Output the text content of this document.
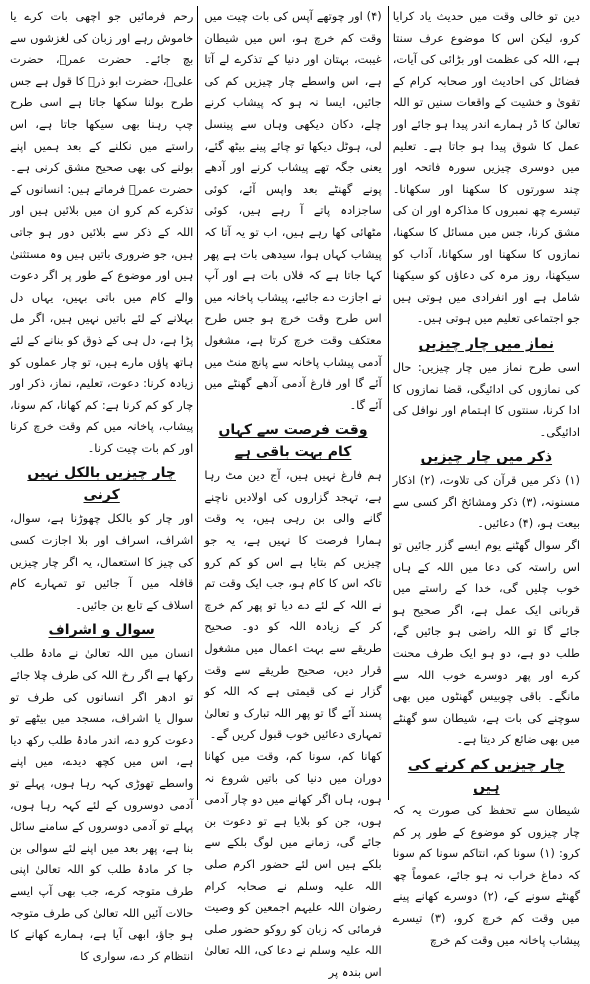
دین تو خالی وقت میں حدیث یاد کرایا کرو، لیکن اس کا موضوع عرف سنتا ہے، اللہ کی عظمت اور بڑائی کی آیات، فضائل کی احادیث اور صحابہ کرام کے تقویٰ و خشیت کے واقعات سنیں تو اللہ تعالیٰ کا ڈر ہمارے اندر پیدا ہو جائے اور عمل کا شوق پیدا ہو جاتا ہے۔ تعلیم میں دوسری چیزیں سورہ فاتحہ اور چند سورتوں کا سکھنا اور سکھانا۔ تیسرے چھ نمبروں کا مذاکرہ اور ان کی مشق کرنا، جس میں مسائل کا سکھنا، نمازوں کا سکھنا اور سکھانا، آداب کو سیکھنا، روز مرہ کی دعاؤں کو سیکھنا شامل ہے اور انفرادی میں ہوتی ہیں جو اجتماعی تعلیم میں ہوتی ہیں۔

نماز میں چار چیزیں

اسی طرح نماز میں چار چیزیں: حال کی نمازوں کی ادائیگی، قضا نمازوں کا ادا کرنا، سنتوں کا اہتمام اور نوافل کی ادائیگی۔

ذکر میں چار چیزیں

(۱) ذکر میں قرآن کی تلاوت، (۲) اذکار مسنونہ، (۳) ذکر ومشائخ اگر کسی سے بیعت ہو، (۴) دعائیں۔

اگر سوال گھٹنے یوم ایسے گزر جائیں تو اس راستہ کی دعا میں اللہ کے ہاں خوب چلیں گی، خدا کے راستے میں قربانی ایک عمل ہے، اگر صحیح ہو جائے گا تو اللہ راضی ہو جائیں گے، طلب دو ہے، دو ہو ایک طرف محنت کرے اور پھر دوسرے خوب اللہ سے مانگے۔ باقی چوبیس گھنٹوں میں بھی سوچنے کی بات ہے، شیطان سو گھنٹے میں بھی ضائع کر دیتا ہے۔

چار چیزیں کم کرنے کی ہیں

شیطان سے تحفظ کی صورت یہ کہ چار چیزوں کو موضوع کے طور پر کم کرو: (۱) سونا کم، انتاکم سونا کم سونا کہ دماغ خراب نہ ہو جائے، عموماً چھ گھنٹے سونے کے، (۲) دوسرے کھانے پینے میں وقت کم خرچ کرو، (۳) تیسرے پیشاب پاخانہ میں وقت کم خرچ

(۴) اور چوتھے آپس کی بات چیت میں وقت کم خرچ ہو، اس میں شیطان غیبت، بہتان اور دنیا کے تذکرے لے آتا ہے، اس واسطے چار چیزیں کم کی جائیں، ایسا نہ ہو کہ پیشاب کرنے چلے، دکان دیکھی وہاں سے پینسل لی، ہوٹل دیکھا تو چائے پینے بیٹھ گئے، یعنی جگہ تھے پیشاب کرنے اور آدھے پونے گھنٹے بعد واپس آئے، کوئی ساجزادہ پاتے آ رہے ہیں، کوئی مٹھائی کھا رہے ہیں، اب تو یہ آتا کہ پیشاب کہاں ہوا، سیدھی بات ہے پھر کہا جاتا ہے کہ فلاں بات ہے اور آپ نے اجازت دے جائیے، پیشاب پاخانہ میں اس طرح وقت خرچ ہو جس طرح معتکف وقت خرچ کرتا ہے، مشغول آدمی پیشاب پاخانہ سے پانچ منٹ میں آئے گا اور فارغ آدمی آدھے گھنٹے میں آئے گا۔

وقت فرصت سے کہاں کام بہت باقی ہے

ہم فارغ نہیں ہیں، آج دین مٹ رہا ہے، تہجد گزاروں کی اولادیں ناچنے گانے والی بن رہی ہیں، یہ وقت ہمارا فرصت کا نہیں ہے، یہ جو چیزیں کم بتایا ہے اس کو کم کرو تاکہ اس کا کام ہو، جب ایک وقت تم نے اللہ کے لئے دے دیا تو پھر کم خرچ کر کے زیادہ اللہ کو دو۔ صحیح طریقے سے بہت اعمال میں مشغول قرار دیں، صحیح طریقے سے وقت گزار نے کی قیمتی ہے کہ اللہ کو پسند آئے گا تو پھر اللہ تبارک و تعالیٰ تمہاری دعائیں خوب قبول کریں گے۔

کھانا کم، سونا کم، وقت میں کھانا دوران میں دنیا کی باتیں شروع نہ ہوں، ہاں اگر کھانے میں دو چار آدمی ہوں، جن کو بلایا ہے تو دعوت بن جائے گی، زمانے میں لوگ بلکے سے بلکے ہیں اس لئے حضور اکرم صلی اللہ علیہ وسلم نے صحابہ کرام رضوان اللہ علیہم اجمعین کو وصیت فرمائی کہ زبان کو روکو حضور صلی اللہ علیہ وسلم نے دعا کی، اللہ تعالیٰ اس بندہ پر

رحم فرمائیں جو اچھی بات کرے یا خاموش رہے اور زبان کی لغزشوں سے بچ جائے۔ حضرت عمرؓ، حضرت علیؓ، حضرت ابو ذرؓ کا قول ہے جس طرح بولنا سکھا جاتا ہے اسی طرح چپ رہنا بھی سیکھا جاتا ہے، اس راستے میں نکلنے کے بعد ہمیں اپنے بولنے کی بھی صحیح مشق کرنی ہے۔ حضرت عمرؓ فرماتے ہیں: انسانوں کے تذکرے کم کرو ان میں بلائیں ہیں اور اللہ کے ذکر سے بلائیں دور ہو جاتی ہیں، جو ضروری باتیں ہیں وہ مستثنیٰ ہیں اور موضوع کے طور پر اگر دعوت والے کام میں باتی بہیں، یہاں دل بہلانے کے لئے باتیں نہیں ہیں، اگر مل پڑا ہے، دل ہی کے ذوق کو بنانے کے لئے ہاتھ پاؤں مارے ہیں، تو چار عملوں کو زیادہ کرنا: دعوت، تعلیم، نماز، ذکر اور چار کو کم کرنا ہے: کم کھانا، کم سونا، پیشاب، پاخانہ میں کم وقت خرچ کرنا اور کم بات چیت کرنا۔

چار چیزیں بالکل نہیں کرنی

اور چار کو بالکل چھوڑنا ہے، سوال، اشراف، اسراف اور بلا اجازت کسی کی چیز کا استعمال، یہ اگر چار چیزیں قافلہ میں آ جائیں تو تمہارے کام اسلاف کے تابع بن جائیں۔

سوال و اشراف

انسان میں اللہ تعالیٰ نے مادۂ طلب رکھا ہے اگر رخ اللہ کی طرف چلا جائے تو ادھر اگر انسانوں کی طرف تو سوال یا اشراف، مسجد میں بیٹھے تو دعوت کرو دے، اندر مادۂ طلب رکھ دیا ہے، اس میں کچھ دیدے، میں اپنے واسطے تھوڑی کہہ رہا ہوں، پہلے تو آدمی دوسروں کے لئے کہہ رہا ہوں، پہلے تو آدمی دوسروں کے سامنے سائل بنا ہے، پھر بعد میں اپنے لئے سوالی بن جا کر مادۂ طلب کو اللہ تعالیٰ اپنی طرف متوجہ کرے، جب بھی آپ ایسے حالات آئیں اللہ تعالیٰ کی طرف متوجہ ہو جاؤ، ابھی آیا ہے، ہمارے کھانے کا انتظام کر دے، سواری کا
